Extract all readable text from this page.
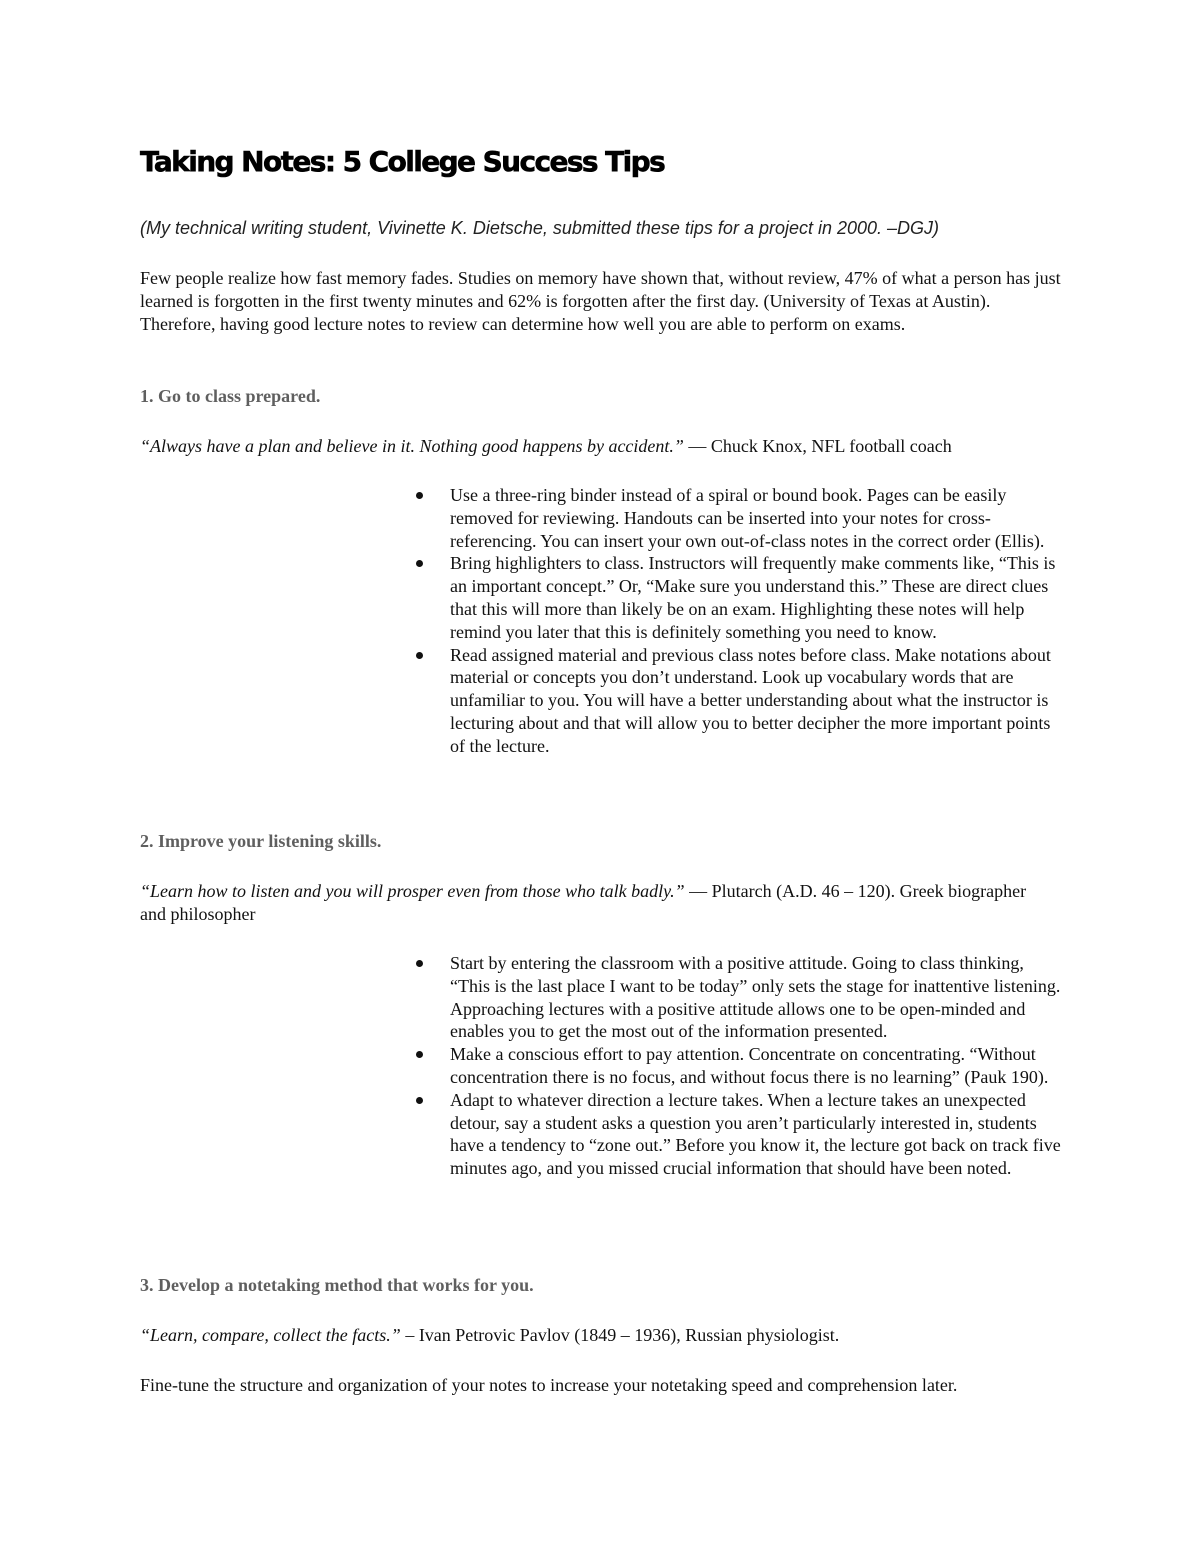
Taking Notes: 5 College Success Tips

(My technical writing student, Vivinette K. Dietsche, submitted these tips for a project in 2000. –DGJ)

Few people realize how fast memory fades. Studies on memory have shown that, without review, 47% of what a person has just learned is forgotten in the first twenty minutes and 62% is forgotten after the first day. (University of Texas at Austin). Therefore, having good lecture notes to review can determine how well you are able to perform on exams.

1. Go to class prepared.

“Always have a plan and believe in it. Nothing good happens by accident.” — Chuck Knox, NFL football coach

Use a three-ring binder instead of a spiral or bound book. Pages can be easily removed for reviewing. Handouts can be inserted into your notes for cross-referencing. You can insert your own out-of-class notes in the correct order (Ellis).
Bring highlighters to class. Instructors will frequently make comments like, “This is an important concept.” Or, “Make sure you understand this.” These are direct clues that this will more than likely be on an exam. Highlighting these notes will help remind you later that this is definitely something you need to know.
Read assigned material and previous class notes before class. Make notations about material or concepts you don’t understand. Look up vocabulary words that are unfamiliar to you. You will have a better understanding about what the instructor is lecturing about and that will allow you to better decipher the more important points of the lecture.
2. Improve your listening skills.

“Learn how to listen and you will prosper even from those who talk badly.” — Plutarch (A.D. 46 – 120). Greek biographer and philosopher

Start by entering the classroom with a positive attitude. Going to class thinking, “This is the last place I want to be today” only sets the stage for inattentive listening. Approaching lectures with a positive attitude allows one to be open-minded and enables you to get the most out of the information presented.
Make a conscious effort to pay attention. Concentrate on concentrating. “Without concentration there is no focus, and without focus there is no learning” (Pauk 190).
Adapt to whatever direction a lecture takes. When a lecture takes an unexpected detour, say a student asks a question you aren’t particularly interested in, students have a tendency to “zone out.” Before you know it, the lecture got back on track five minutes ago, and you missed crucial information that should have been noted.
3. Develop a notetaking method that works for you.

“Learn, compare, collect the facts.” – Ivan Petrovic Pavlov (1849 – 1936), Russian physiologist.

Fine-tune the structure and organization of your notes to increase your notetaking speed and comprehension later.
